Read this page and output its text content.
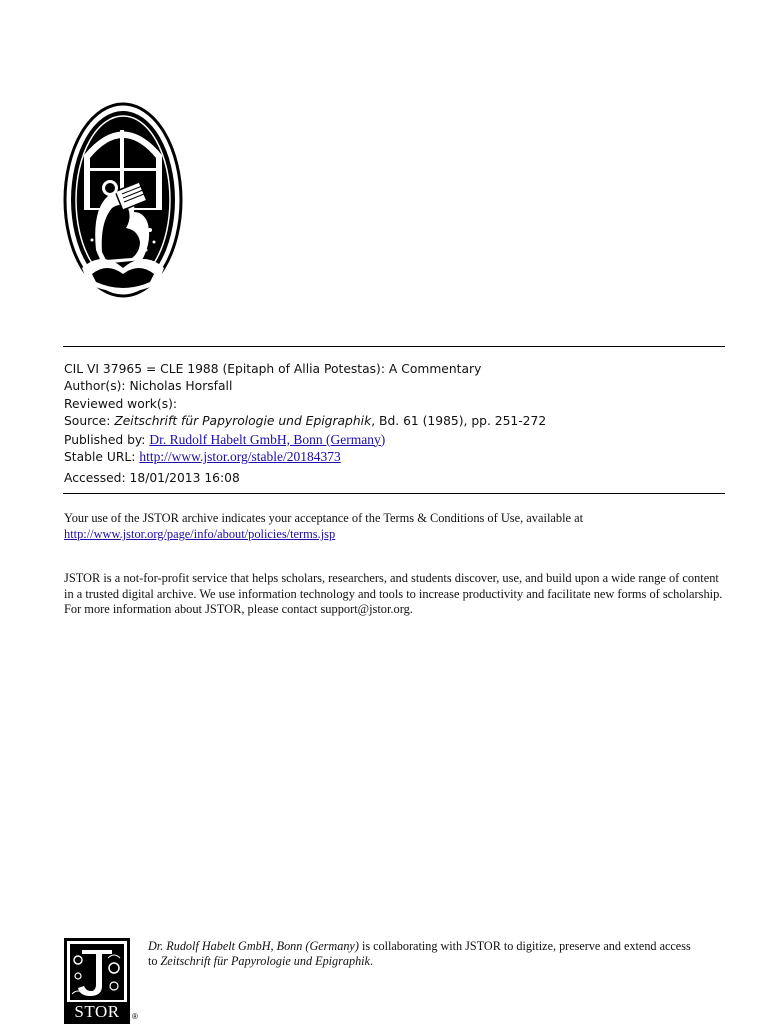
CIL VI 37965 = CLE 1988 (Epitaph of Allia Potestas): A Commentary
Author(s): Nicholas Horsfall
Reviewed work(s):
Source: Zeitschrift für Papyrologie und Epigraphik, Bd. 61 (1985), pp. 251-272
Published by: Dr. Rudolf Habelt GmbH, Bonn (Germany)
Stable URL: http://www.jstor.org/stable/20184373
Accessed: 18/01/2013 16:08
Your use of the JSTOR archive indicates your acceptance of the Terms & Conditions of Use, available at
http://www.jstor.org/page/info/about/policies/terms.jsp
JSTOR is a not-for-profit service that helps scholars, researchers, and students discover, use, and build upon a wide range of content in a trusted digital archive. We use information technology and tools to increase productivity and facilitate new forms of scholarship. For more information about JSTOR, please contact support@jstor.org.
STOR	®
Dr. Rudolf Habelt GmbH, Bonn (Germany) is collaborating with JSTOR to digitize, preserve and extend access
to Zeitschrift für Papyrologie und Epigraphik.
